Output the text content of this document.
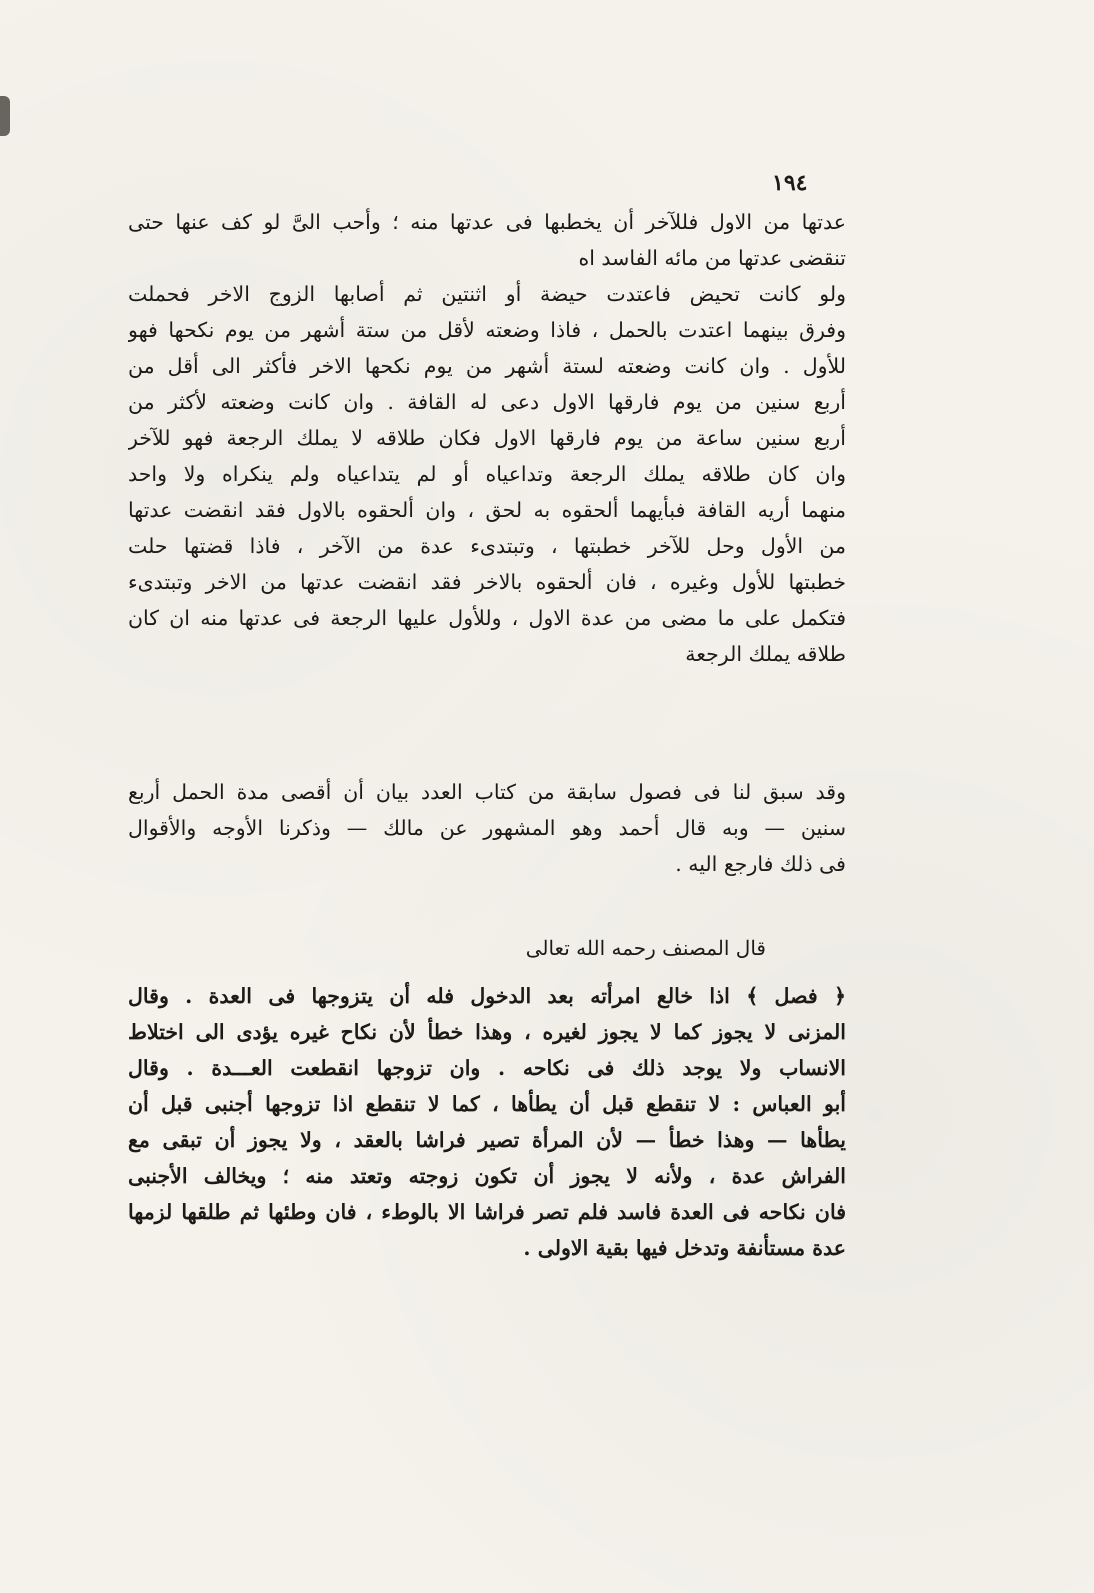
١٩٤
عدتها من الاول فللآخر أن يخطبها فى عدتها منه ؛ وأحب الىَّ لو كف عنها حتى
تنقضى عدتها من مائه الفاسد اه
ولو كانت تحيض فاعتدت حيضة أو اثنتين ثم أصابها الزوج الاخر فحملت
وفرق بينهما اعتدت بالحمل ، فاذا وضعته لأقل من ستة أشهر من يوم نكحها فهو
للأول . وان كانت وضعته لستة أشهر من يوم نكحها الاخر فأكثر الى أقل من
أربع سنين من يوم فارقها الاول دعى له القافة . وان كانت وضعته لأكثر من
أربع سنين ساعة من يوم فارقها الاول فكان طلاقه لا يملك الرجعة فهو للآخر
وان كان طلاقه يملك الرجعة وتداعياه أو لم يتداعياه ولم ينكراه ولا واحد
منهما أريه القافة فبأيهما ألحقوه به لحق ، وان ألحقوه بالاول فقد انقضت عدتها
من الأول وحل للآخر خطبتها ، وتبتدىء عدة من الآخر ، فاذا قضتها حلت
خطبتها للأول وغيره ، فان ألحقوه بالاخر فقد انقضت عدتها من الاخر وتبتدىء
فتكمل على ما مضى من عدة الاول ، وللأول عليها الرجعة فى عدتها منه ان كان
طلاقه يملك الرجعة
وقد سبق لنا فى فصول سابقة من كتاب العدد بيان أن أقصى مدة الحمل أربع
سنين — وبه قال أحمد وهو المشهور عن مالك — وذكرنا الأوجه والأقوال
فى ذلك فارجع اليه .
قال المصنف رحمه الله تعالى
﴿ فصل ﴾ اذا خالع امرأته بعد الدخول فله أن يتزوجها فى العدة . وقال
المزنى لا يجوز كما لا يجوز لغيره ، وهذا خطأ لأن نكاح غيره يؤدى الى اختلاط
الانساب ولا يوجد ذلك فى نكاحه . وان تزوجها انقطعت العـــدة . وقال
أبو العباس : لا تنقطع قبل أن يطأها ، كما لا تنقطع اذا تزوجها أجنبى قبل أن
يطأها — وهذا خطأ — لأن المرأة تصير فراشا بالعقد ، ولا يجوز أن تبقى مع
الفراش عدة ، ولأنه لا يجوز أن تكون زوجته وتعتد منه ؛ ويخالف الأجنبى
فان نكاحه فى العدة فاسد فلم تصر فراشا الا بالوطء ، فان وطئها ثم طلقها لزمها
عدة مستأنفة وتدخل فيها بقية الاولى .
